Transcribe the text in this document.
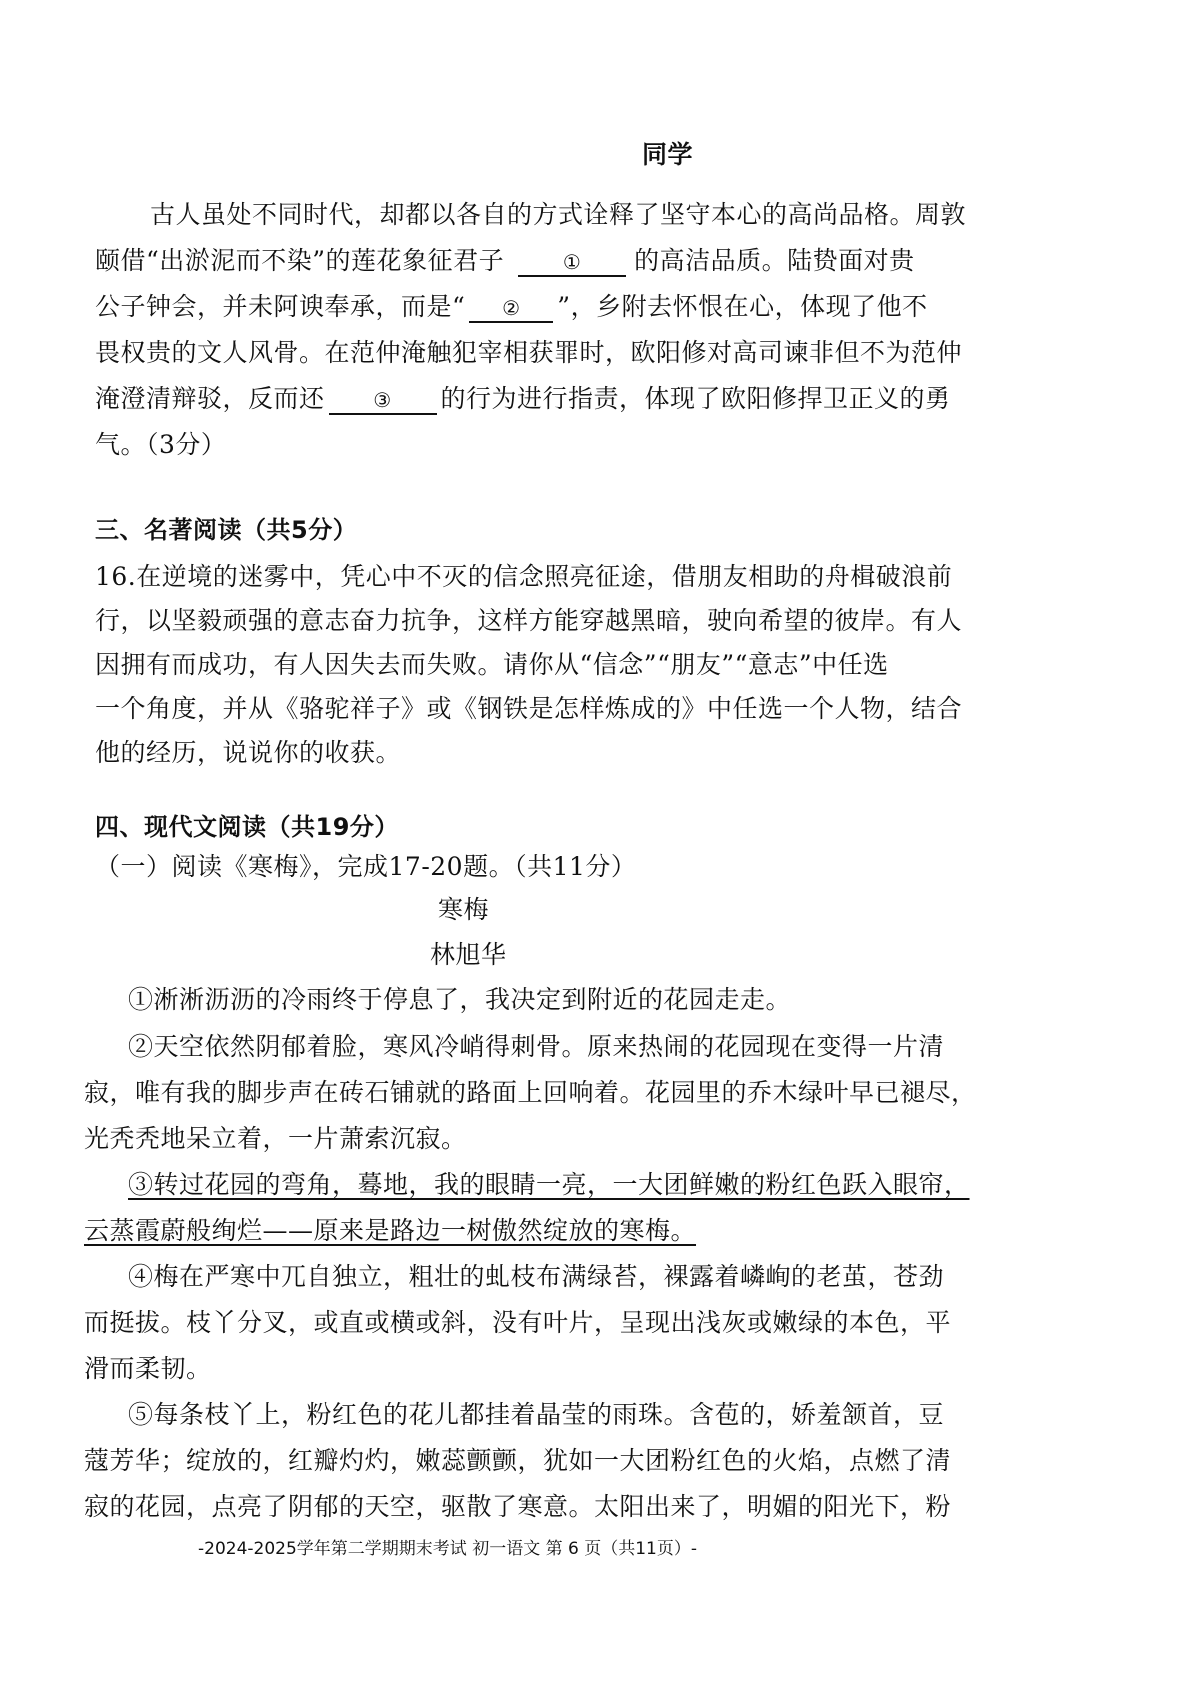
同学
古人虽处不同时代，却都以各自的方式诠释了坚守本心的高尚品格。周敦
颐借“出淤泥而不染”的莲花象征君子	① 的高洁品质。陆贽面对贵
公子钟会，并未阿谀奉承，而是“ ② ”，乡附去怀恨在心，体现了他不
畏权贵的文人风骨。在范仲淹触犯宰相获罪时，欧阳修对高司谏非但不为范仲
淹澄清辩驳，反而还 ③ 的行为进行指责，体现了欧阳修捍卫正义的勇
气。（3分）
三、名著阅读（共5分）
16.在逆境的迷雾中，凭心中不灭的信念照亮征途，借朋友相助的舟楫破浪前
行，以坚毅顽强的意志奋力抗争，这样方能穿越黑暗，驶向希望的彼岸。有人
因拥有而成功，有人因失去而失败。请你从“信念”“朋友”“意志”中任选
一个角度，并从《骆驼祥子》或《钢铁是怎样炼成的》中任选一个人物，结合
他的经历，说说你的收获。
四、现代文阅读（共19分）
（一）阅读《寒梅》，完成17-20题。（共11分）
寒梅
林旭华
①淅淅沥沥的冷雨终于停息了，我决定到附近的花园走走。
②天空依然阴郁着脸，寒风冷峭得刺骨。原来热闹的花园现在变得一片清
寂，唯有我的脚步声在砖石铺就的路面上回响着。花园里的乔木绿叶早已褪尽，
光秃秃地呆立着，一片萧索沉寂。
③转过花园的弯角，蓦地，我的眼睛一亮，一大团鲜嫩的粉红色跃入眼帘，
云蒸霞蔚般绚烂——原来是路边一树傲然绽放的寒梅。
④梅在严寒中兀自独立，粗壮的虬枝布满绿苔，裸露着嶙峋的老茧，苍劲
而挺拔。枝丫分叉，或直或横或斜，没有叶片，呈现出浅灰或嫩绿的本色，平
滑而柔韧。
⑤每条枝丫上，粉红色的花儿都挂着晶莹的雨珠。含苞的，娇羞颔首，豆
蔻芳华；绽放的，红瓣灼灼，嫩蕊颤颤，犹如一大团粉红色的火焰，点燃了清
寂的花园，点亮了阴郁的天空，驱散了寒意。太阳出来了，明媚的阳光下，粉
-2024-2025学年第二学期期末考试 初一语文 第 6 页（共11页）-
